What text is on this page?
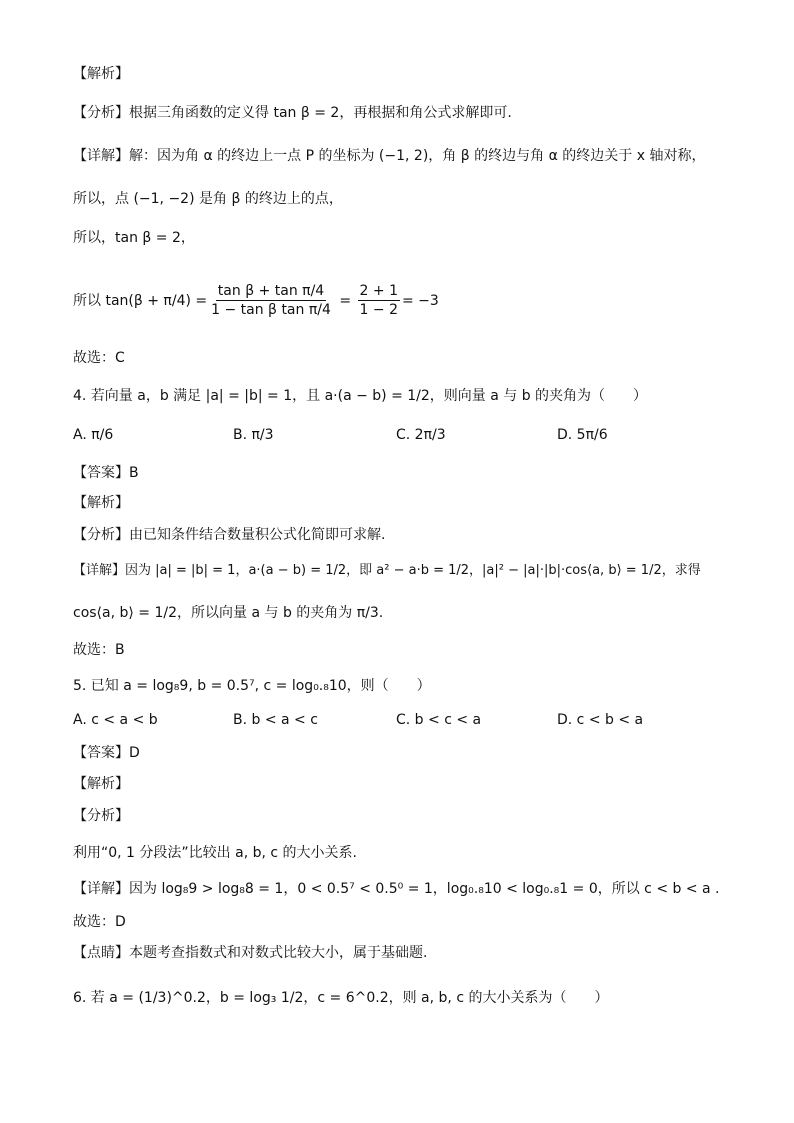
【解析】
【分析】根据三角函数的定义得 tan β = 2，再根据和角公式求解即可.
【详解】解：因为角 α 的终边上一点 P 的坐标为 (−1, 2)，角 β 的终边与角 α 的终边关于 x 轴对称，
所以，点 (−1, −2) 是角 β 的终边上的点，
所以，tan β = 2，
所以 $\tan(\beta + \pi/4) = \frac{\text{tan β + tan π/4}}{\text{1 − tan β tan π/4}} = \frac{2 + 1}{1 - 2} = -3$
故选：C
4. 若向量 a，b 满足 |a| = |b| = 1，且 a·(a − b) = 1/2，则向量 a 与 b 的夹角为（　　）
A. π/6	B. π/3	C. 2π/3	D. 5π/6
【答案】B
【解析】
【分析】由已知条件结合数量积公式化简即可求解.
【详解】因为 |a| = |b| = 1，a·(a − b) = 1/2，即 a² − a·b = 1/2，|a|² − |a|·|b|·cos⟨a, b⟩ = 1/2，求得
cos⟨a, b⟩ = 1/2，所以向量 a 与 b 的夹角为 π/3.
故选：B
5. 已知 a = log₈9, b = 0.5⁷, c = log₀.₈10，则（　　）
A. c < a < b	B. b < a < c	C. b < c < a	D. c < b < a
【答案】D
【解析】
【分析】
利用“0, 1 分段法”比较出 a, b, c 的大小关系.
【详解】因为 log₈9 > log₈8 = 1，0 < 0.5⁷ < 0.5⁰ = 1，log₀.₈10 < log₀.₈1 = 0，所以 c < b < a .
故选：D
【点睛】本题考查指数式和对数式比较大小，属于基础题.
6. 若 a = (1/3)^0.2，b = log₃ 1/2，c = 6^0.2，则 a, b, c 的大小关系为（　　）
